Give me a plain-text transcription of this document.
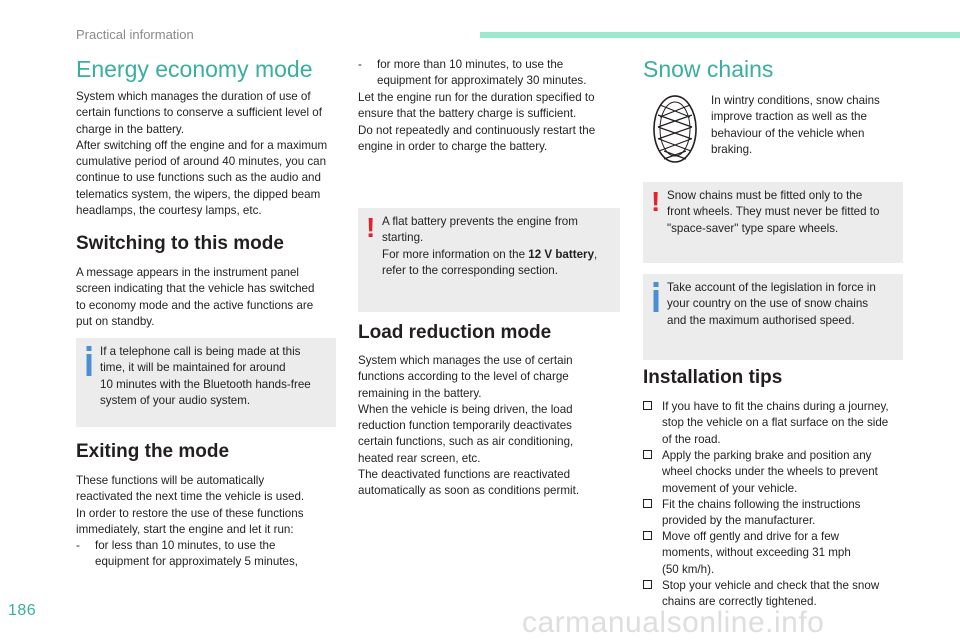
Practical information
Energy economy mode
System which manages the duration of use of
certain functions to conserve a sufficient level of
charge in the battery.
After switching off the engine and for a maximum
cumulative period of around 40 minutes, you can
continue to use functions such as the audio and
telematics system, the wipers, the dipped beam
headlamps, the courtesy lamps, etc.
Switching to this mode
A message appears in the instrument panel
screen indicating that the vehicle has switched
to economy mode and the active functions are
put on standby.
If a telephone call is being made at this
time, it will be maintained for around
10 minutes with the Bluetooth hands-free
system of your audio system.
Exiting the mode
These functions will be automatically
reactivated the next time the vehicle is used.
In order to restore the use of these functions
immediately, start the engine and let it run:
-	for less than 10 minutes, to use the
equipment for approximately 5 minutes,
-	for more than 10 minutes, to use the
equipment for approximately 30 minutes.
Let the engine run for the duration specified to
ensure that the battery charge is sufficient.
Do not repeatedly and continuously restart the
engine in order to charge the battery.
! A flat battery prevents the engine from
starting.
For more information on the 12 V battery,
refer to the corresponding section.
Load reduction mode
System which manages the use of certain
functions according to the level of charge
remaining in the battery.
When the vehicle is being driven, the load
reduction function temporarily deactivates
certain functions, such as air conditioning,
heated rear screen, etc.
The deactivated functions are reactivated
automatically as soon as conditions permit.
Snow chains
In wintry conditions, snow chains
improve traction as well as the
behaviour of the vehicle when
braking.
! Snow chains must be fitted only to the
front wheels. They must never be fitted to
"space-saver" type spare wheels.
Take account of the legislation in force in
your country on the use of snow chains
and the maximum authorised speed.
Installation tips
If you have to fit the chains during a journey,
stop the vehicle on a flat surface on the side
of the road.
Apply the parking brake and position any
wheel chocks under the wheels to prevent
movement of your vehicle.
Fit the chains following the instructions
provided by the manufacturer.
Move off gently and drive for a few
moments, without exceeding 31 mph
(50 km/h).
Stop your vehicle and check that the snow
chains are correctly tightened.
186	carmanualsonline.info
